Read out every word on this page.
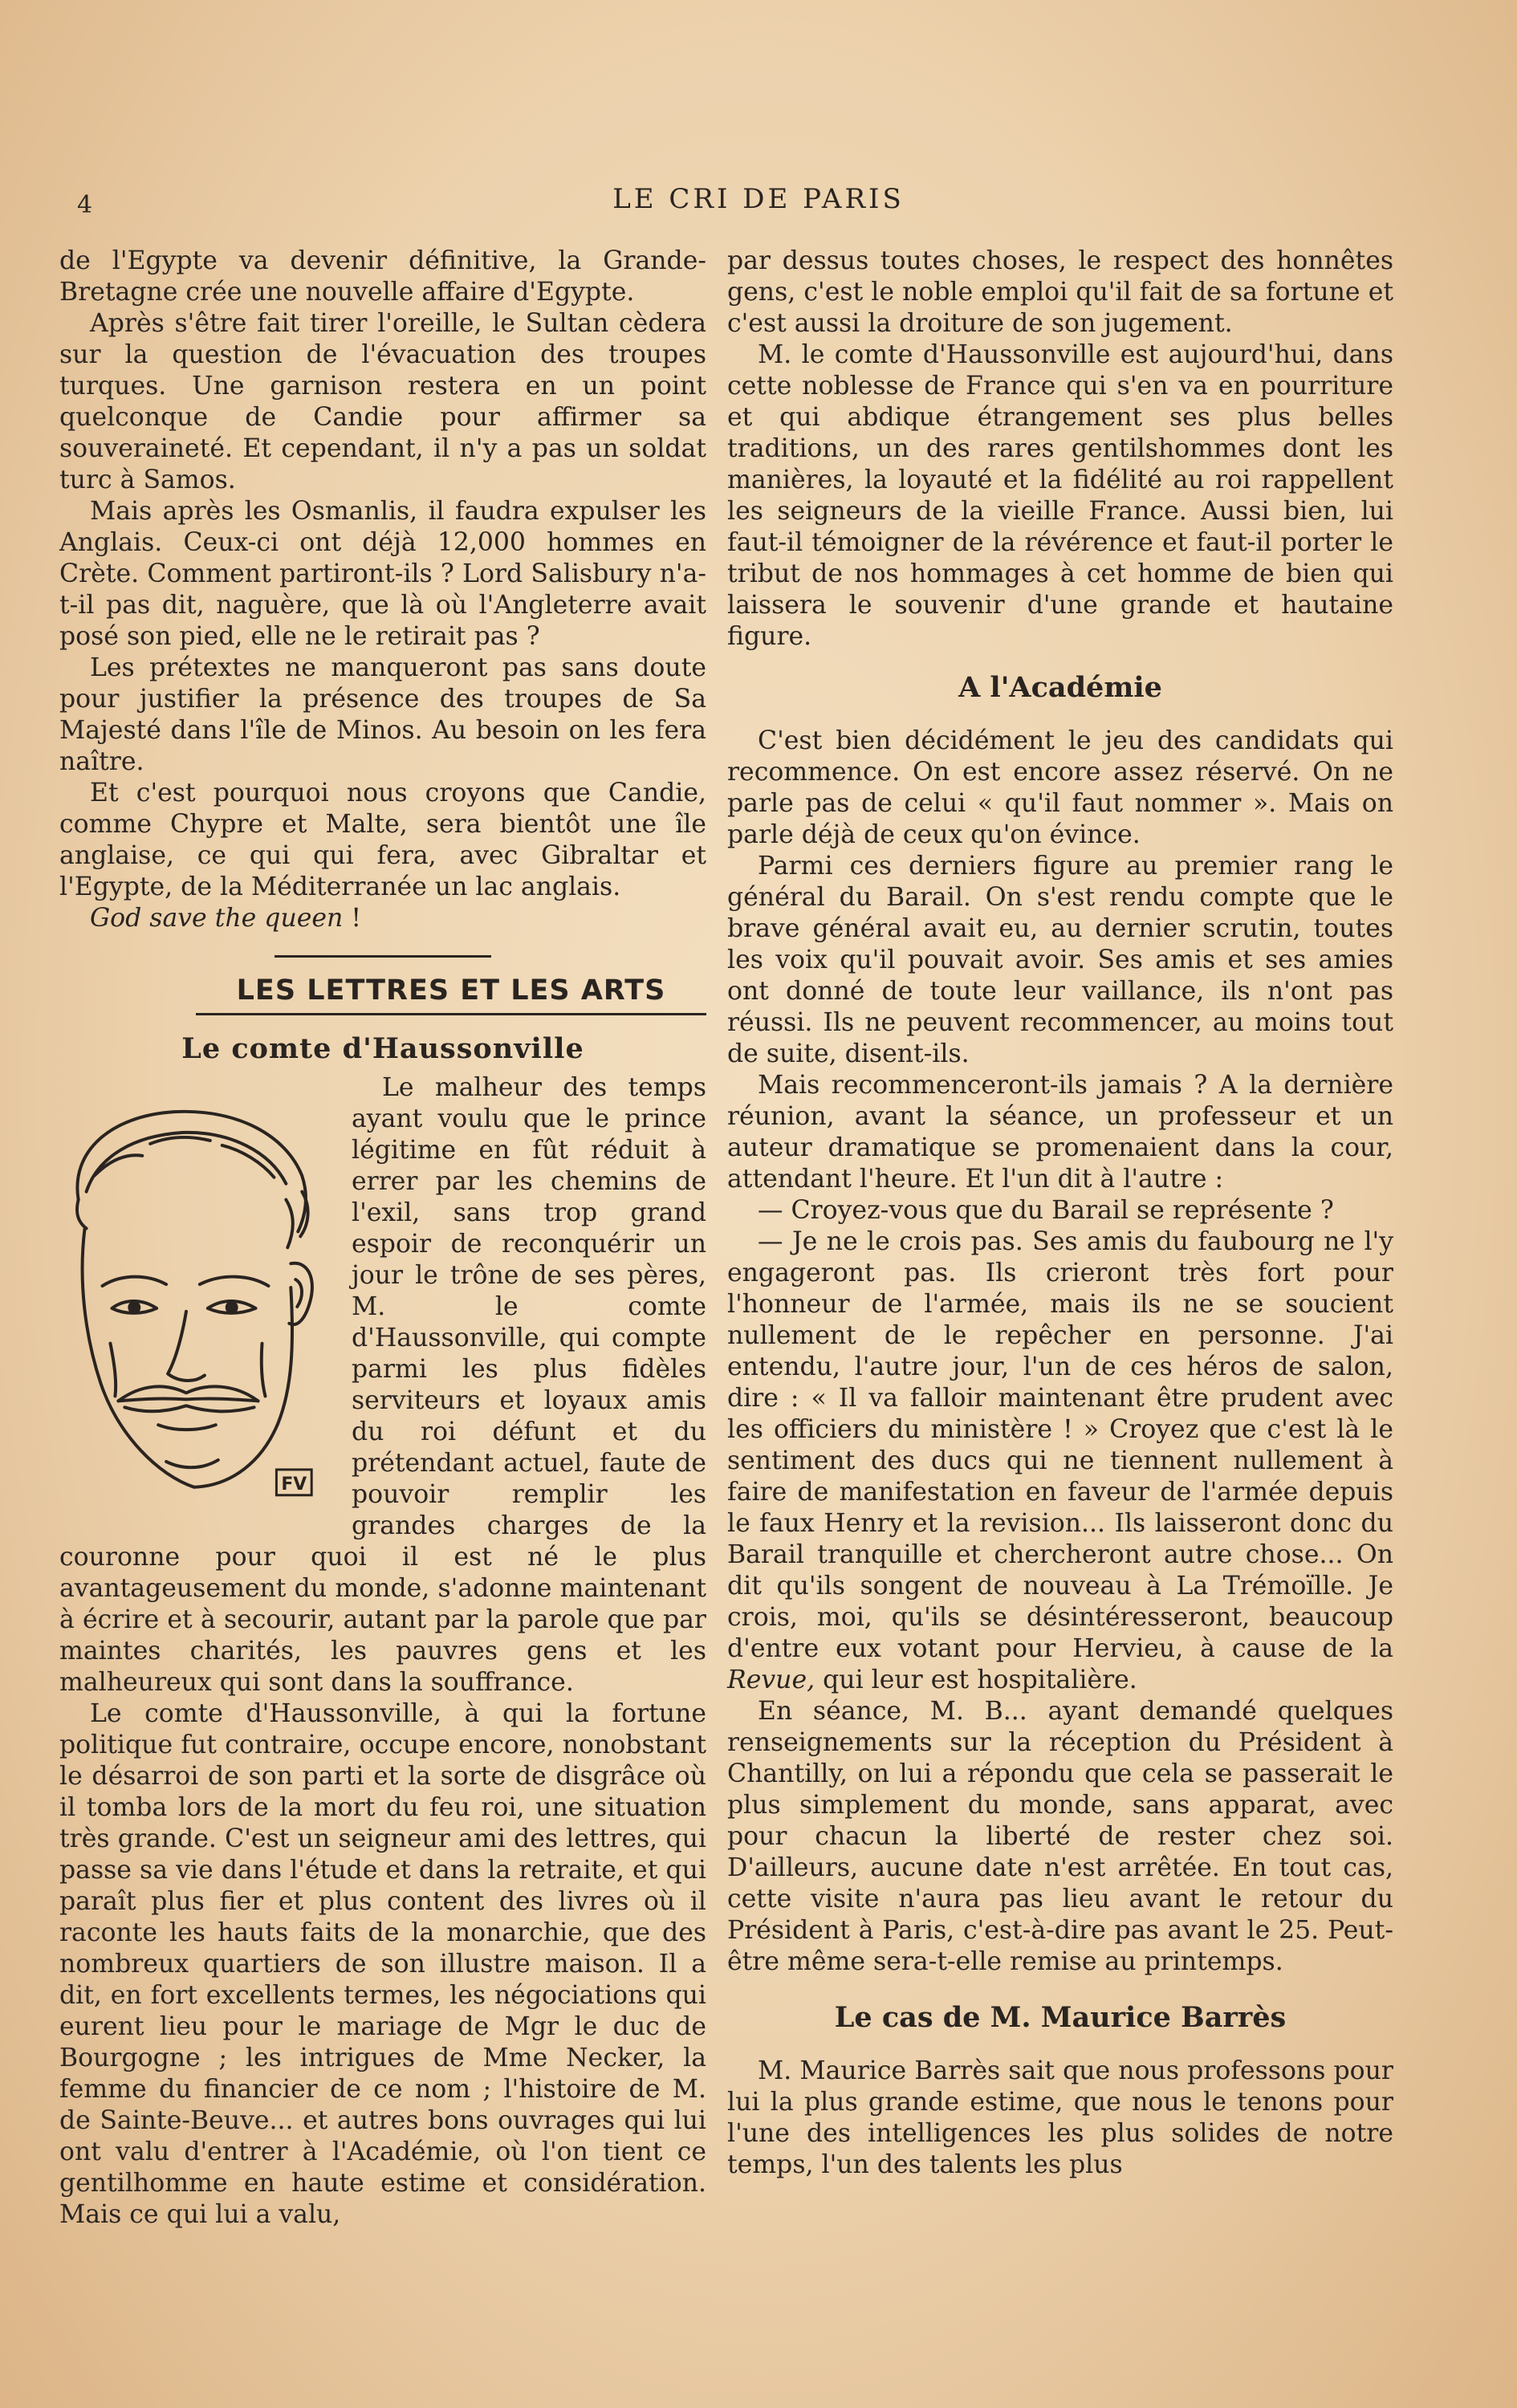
4	LE CRI DE PARIS

de l'Egypte va devenir définitive, la Grande-Bretagne crée une nouvelle affaire d'Egypte.

Après s'être fait tirer l'oreille, le Sultan cèdera sur la question de l'évacuation des troupes turques. Une garnison restera en un point quelconque de Candie pour affirmer sa souveraineté. Et cependant, il n'y a pas un soldat turc à Samos.

Mais après les Osmanlis, il faudra expulser les Anglais. Ceux-ci ont déjà 12,000 hommes en Crète. Comment partiront-ils ? Lord Salisbury n'a-t-il pas dit, naguère, que là où l'Angleterre avait posé son pied, elle ne le retirait pas ?

Les prétextes ne manqueront pas sans doute pour justifier la présence des troupes de Sa Majesté dans l'île de Minos. Au besoin on les fera naître.

Et c'est pourquoi nous croyons que Candie, comme Chypre et Malte, sera bientôt une île anglaise, ce qui qui fera, avec Gibraltar et l'Egypte, de la Méditerranée un lac anglais.

God save the queen !

LES LETTRES ET LES ARTS
Le comte d'Haussonville

FV
Le malheur des temps ayant voulu que le prince légitime en fût réduit à errer par les chemins de l'exil, sans trop grand espoir de reconquérir un jour le trône de ses pères, M. le comte d'Haussonville, qui compte parmi les plus fidèles serviteurs et loyaux amis du roi défunt et du prétendant actuel, faute de pouvoir remplir les grandes charges de la couronne pour quoi il est né le plus avantageusement du monde, s'adonne maintenant à écrire et à secourir, autant par la parole que par maintes charités, les pauvres gens et les malheureux qui sont dans la souffrance.

Le comte d'Haussonville, à qui la fortune politique fut contraire, occupe encore, nonobstant le désarroi de son parti et la sorte de disgrâce où il tomba lors de la mort du feu roi, une situation très grande. C'est un seigneur ami des lettres, qui passe sa vie dans l'étude et dans la retraite, et qui paraît plus fier et plus content des livres où il raconte les hauts faits de la monarchie, que des nombreux quartiers de son illustre maison. Il a dit, en fort excellents termes, les négociations qui eurent lieu pour le mariage de Mgr le duc de Bourgogne ; les intrigues de Mme Necker, la femme du financier de ce nom ; l'histoire de M. de Sainte-Beuve... et autres bons ouvrages qui lui ont valu d'entrer à l'Académie, où l'on tient ce gentilhomme en haute estime et considération. Mais ce qui lui a valu,

par dessus toutes choses, le respect des honnêtes gens, c'est le noble emploi qu'il fait de sa fortune et c'est aussi la droiture de son jugement.

M. le comte d'Haussonville est aujourd'hui, dans cette noblesse de France qui s'en va en pourriture et qui abdique étrangement ses plus belles traditions, un des rares gentilshommes dont les manières, la loyauté et la fidélité au roi rappellent les seigneurs de la vieille France. Aussi bien, lui faut-il témoigner de la révérence et faut-il porter le tribut de nos hommages à cet homme de bien qui laissera le souvenir d'une grande et hautaine figure.

A l'Académie

C'est bien décidément le jeu des candidats qui recommence. On est encore assez réservé. On ne parle pas de celui « qu'il faut nommer ». Mais on parle déjà de ceux qu'on évince.

Parmi ces derniers figure au premier rang le général du Barail. On s'est rendu compte que le brave général avait eu, au dernier scrutin, toutes les voix qu'il pouvait avoir. Ses amis et ses amies ont donné de toute leur vaillance, ils n'ont pas réussi. Ils ne peuvent recommencer, au moins tout de suite, disent-ils.

Mais recommenceront-ils jamais ? A la dernière réunion, avant la séance, un professeur et un auteur dramatique se promenaient dans la cour, attendant l'heure. Et l'un dit à l'autre :

— Croyez-vous que du Barail se représente ?

— Je ne le crois pas. Ses amis du faubourg ne l'y engageront pas. Ils crieront très fort pour l'honneur de l'armée, mais ils ne se soucient nullement de le repêcher en personne. J'ai entendu, l'autre jour, l'un de ces héros de salon, dire : « Il va falloir maintenant être prudent avec les officiers du ministère ! » Croyez que c'est là le sentiment des ducs qui ne tiennent nullement à faire de manifestation en faveur de l'armée depuis le faux Henry et la revision... Ils laisseront donc du Barail tranquille et chercheront autre chose... On dit qu'ils songent de nouveau à La Trémoïlle. Je crois, moi, qu'ils se désintéresseront, beaucoup d'entre eux votant pour Hervieu, à cause de la Revue, qui leur est hospitalière.

En séance, M. B... ayant demandé quelques renseignements sur la réception du Président à Chantilly, on lui a répondu que cela se passerait le plus simplement du monde, sans apparat, avec pour chacun la liberté de rester chez soi. D'ailleurs, aucune date n'est arrêtée. En tout cas, cette visite n'aura pas lieu avant le retour du Président à Paris, c'est-à-dire pas avant le 25. Peut-être même sera-t-elle remise au printemps.

Le cas de M. Maurice Barrès

M. Maurice Barrès sait que nous professons pour lui la plus grande estime, que nous le tenons pour l'une des intelligences les plus solides de notre temps, l'un des talents les plus
